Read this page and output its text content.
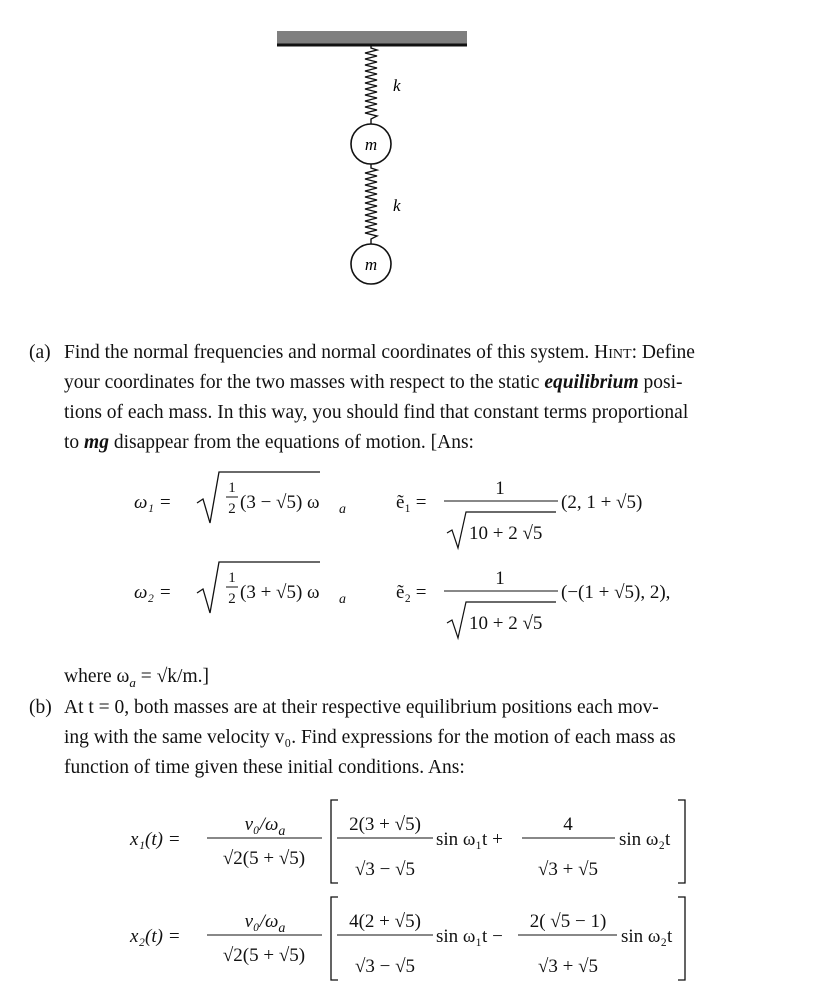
k
k
m
m
(a) Find the normal frequencies and normal coordinates of this system. Hint: Define
your coordinates for the two masses with respect to the static equilibrium posi-
tions of each mass. In this way, you should find that constant terms proportional
to mg disappear from the equations of motion. [Ans:
ω₁ =
1
2 (3 − √5) ω a
ω₂ =
1
2 (3 + √5) ω a
ẽ₁ =
1
10 + 2 √5
(2, 1 + √5)
ẽ₂ =
1
10 + 2 √5
(−(1 + √5), 2),
where $\omega_a = √k/m$.]
(b) At t = 0, both masses are at their respective equilibrium positions each mov-
ing with the same velocity v₀. Find expressions for the motion of each mass as
function of time given these initial conditions. Ans:
x₁(t) =
$v_0/\omega_a$
√2(5 + √5)
2(3 + √5)
√3 − √5
sin ω₁t +
4
√3 + √5
sin ω₂t
x₂(t) =
$v_0/\omega_a$
√2(5 + √5)
4(2 + √5)
√3 − √5
sin ω₁t −
2( √5 − 1)
√3 + √5
sin ω₂t
